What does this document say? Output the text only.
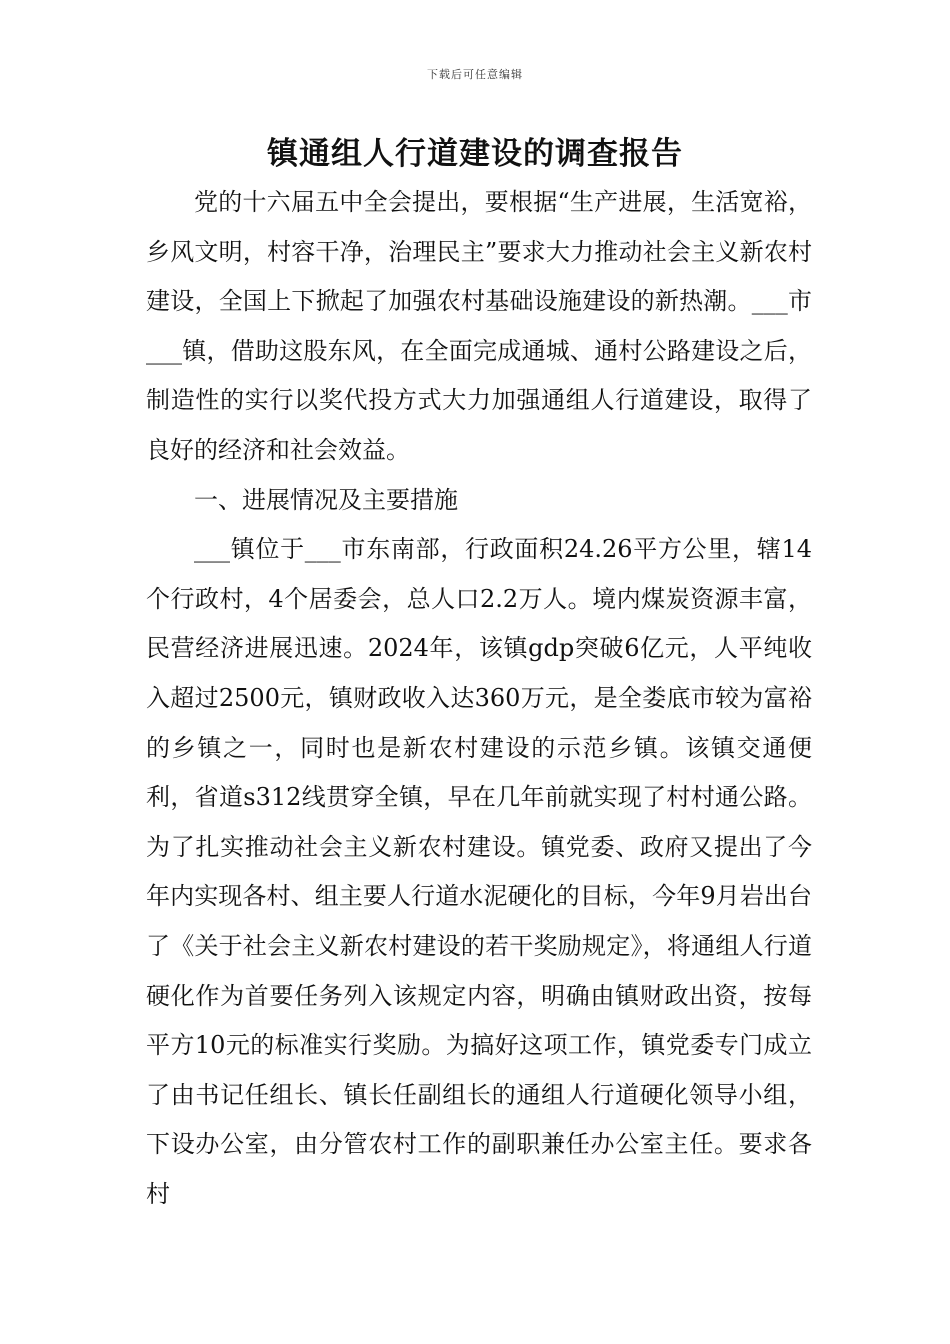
下载后可任意编辑
镇通组人行道建设的调查报告

党的十六届五中全会提出，要根据“生产进展，生活宽裕，乡风文明，村容干净，治理民主”要求大力推动社会主义新农村建设，全国上下掀起了加强农村基础设施建设的新热潮。___市___镇，借助这股东风，在全面完成通城、通村公路建设之后，制造性的实行以奖代投方式大力加强通组人行道建设，取得了良好的经济和社会效益。

一、进展情况及主要措施

___镇位于___市东南部，行政面积24.26平方公里，辖14个行政村，4个居委会，总人口2.2万人。境内煤炭资源丰富，民营经济进展迅速。2024年，该镇gdp突破6亿元，人平纯收入超过2500元，镇财政收入达360万元，是全娄底市较为富裕的乡镇之一，同时也是新农村建设的示范乡镇。该镇交通便利，省道s312线贯穿全镇，早在几年前就实现了村村通公路。为了扎实推动社会主义新农村建设。镇党委、政府又提出了今年内实现各村、组主要人行道水泥硬化的目标，今年9月岩出台了《关于社会主义新农村建设的若干奖励规定》，将通组人行道硬化作为首要任务列入该规定内容，明确由镇财政出资，按每平方10元的标准实行奖励。为搞好这项工作，镇党委专门成立了由书记任组长、镇长任副组长的通组人行道硬化领导小组，下设办公室，由分管农村工作的副职兼任办公室主任。要求各村
